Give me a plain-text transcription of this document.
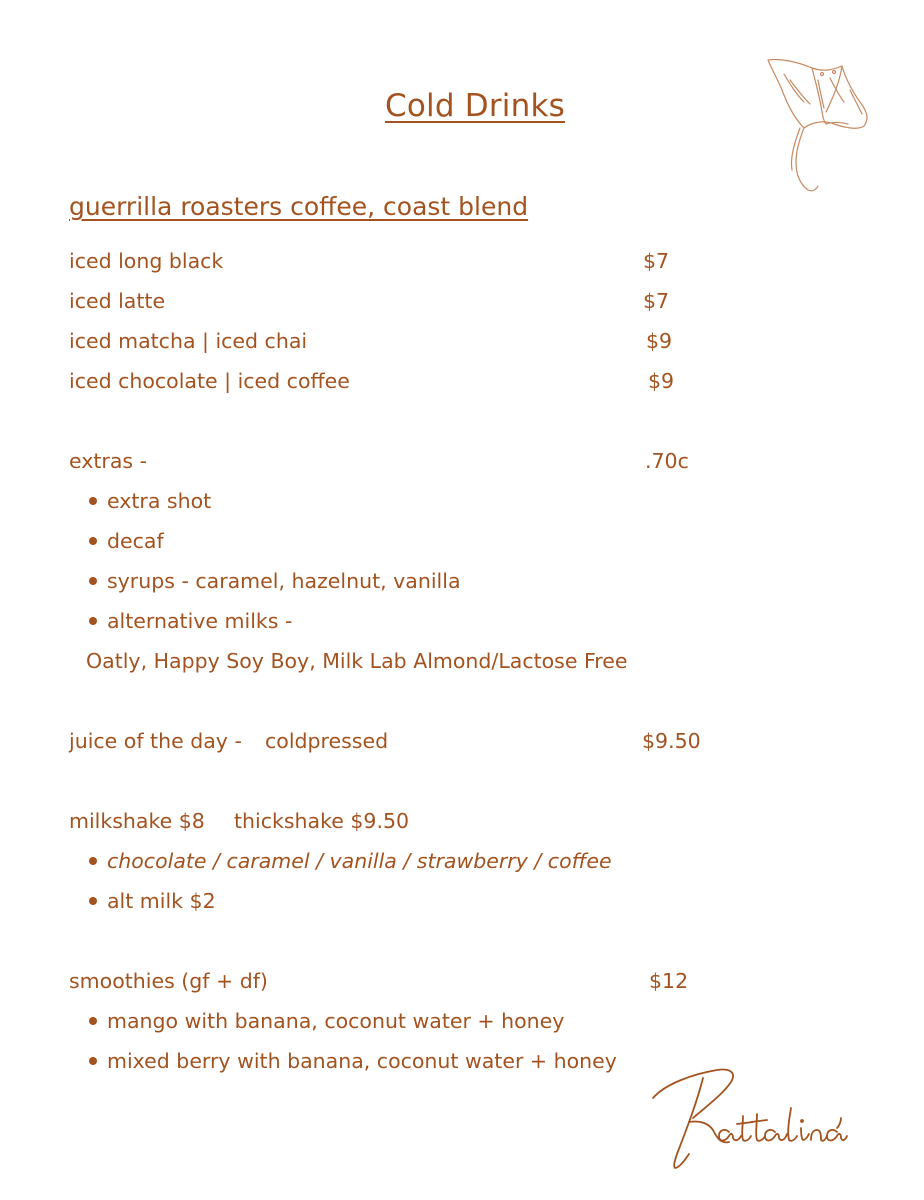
Cold Drinks
guerrilla roasters coffee, coast blend
iced long black	$7
iced latte	$7
iced matcha | iced chai	$9
iced chocolate | iced coffee	$9
extras -	.70c
extra shot
decaf
syrups - caramel, hazelnut, vanilla
alternative milks -
Oatly, Happy Soy Boy, Milk Lab Almond/Lactose Free
juice of the day - coldpressed	$9.50
milkshake $8 thickshake $9.50
chocolate / caramel / vanilla / strawberry / coffee
alt milk $2
smoothies (gf + df)	$12
mango with banana, coconut water + honey
mixed berry with banana, coconut water + honey
